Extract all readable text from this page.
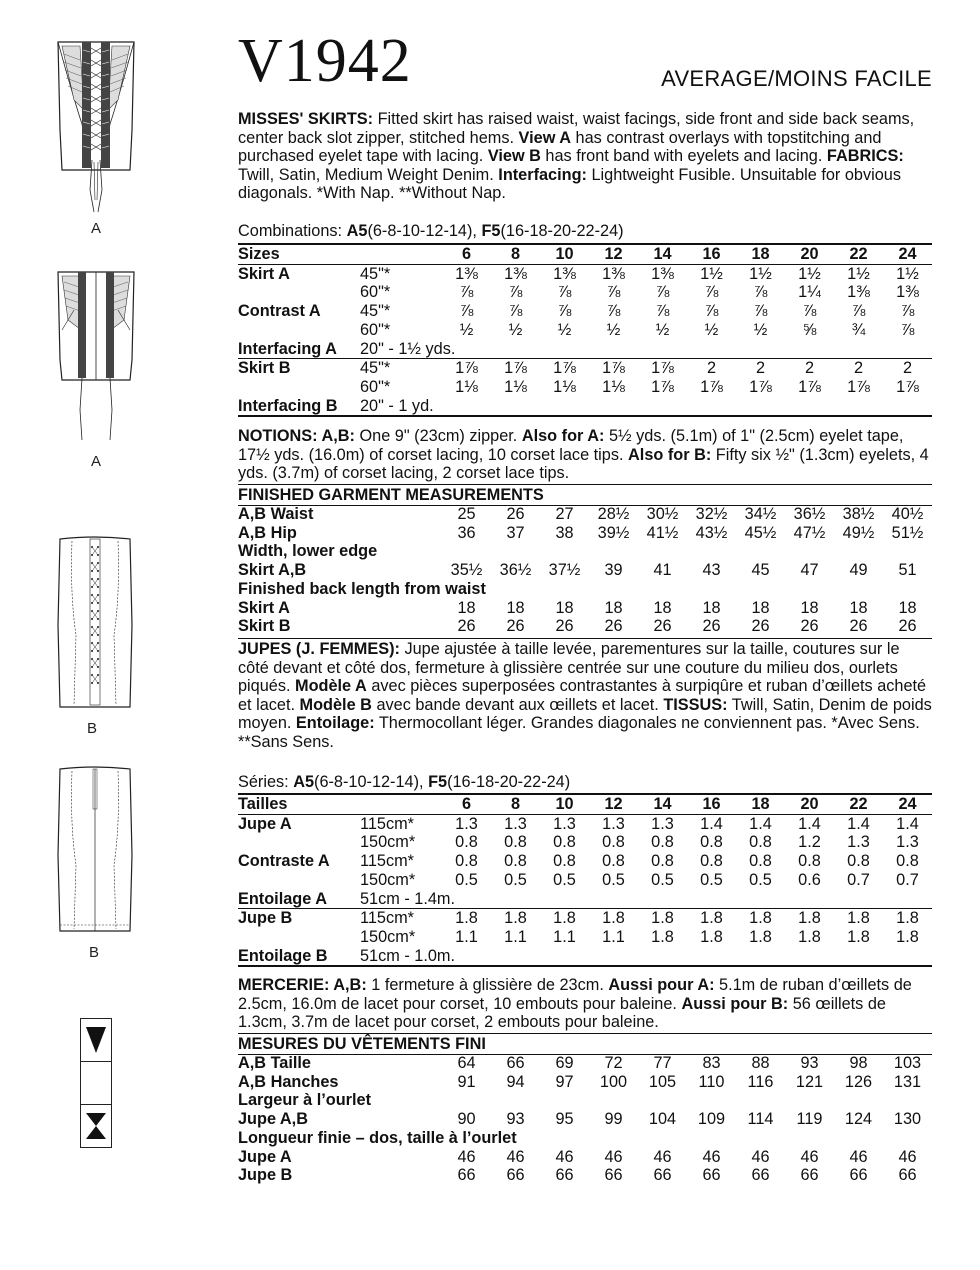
A
A
B
B
V1942	AVERAGE/MOINS FACILE
MISSES' SKIRTS: Fitted skirt has raised waist, waist facings, side front and side back seams, center back slot zipper, stitched hems. View A has contrast overlays with topstitching and purchased eyelet tape with lacing. View B has front band with eyelets and lacing. FABRICS: Twill, Satin, Medium Weight Denim. Interfacing: Lightweight Fusible. Unsuitable for obvious diagonals. *With Nap. **Without Nap.
Combinations: A5(6-8-10-12-14), F5(16-18-20-22-24)
Sizes		6	8	10	12	14	16	18	20	22	24
Skirt A	45"*	1⅜	1⅜	1⅜	1⅜	1⅜	1½	1½	1½	1½	1½
	60"*	⅞	⅞	⅞	⅞	⅞	⅞	⅞	1¼	1⅜	1⅜
Contrast A	45"*	⅞	⅞	⅞	⅞	⅞	⅞	⅞	⅞	⅞	⅞
	60"*	½	½	½	½	½	½	½	⅝	¾	⅞
Interfacing A	20" - 1½ yds.										
Skirt B	45"*	1⅞	1⅞	1⅞	1⅞	1⅞	2	2	2	2	2
	60"*	1⅛	1⅛	1⅛	1⅛	1⅞	1⅞	1⅞	1⅞	1⅞	1⅞
Interfacing B	20" - 1 yd.										
NOTIONS: A,B: One 9" (23cm) zipper. Also for A: 5½ yds. (5.1m) of 1" (2.5cm) eyelet tape, 17½ yds. (16.0m) of corset lacing, 10 corset lace tips. Also for B: Fifty six ½" (1.3cm) eyelets, 4 yds. (3.7m) of corset lacing, 2 corset lace tips.
FINISHED GARMENT MEASUREMENTS
A,B Waist	25	26	27	28½	30½	32½	34½	36½	38½	40½
A,B Hip	36	37	38	39½	41½	43½	45½	47½	49½	51½
Width, lower edge										
Skirt A,B	35½	36½	37½	39	41	43	45	47	49	51
Finished back length from waist										
Skirt A	18	18	18	18	18	18	18	18	18	18
Skirt B	26	26	26	26	26	26	26	26	26	26
JUPES (J. FEMMES): Jupe ajustée à taille levée, parementures sur la taille, coutures sur le côté devant et côté dos, fermeture à glissière centrée sur une couture du milieu dos, ourlets piqués. Modèle A avec pièces superposées contrastantes à surpiqûre et ruban d’œillets acheté et lacet. Modèle B avec bande devant aux œillets et lacet. TISSUS: Twill, Satin, Denim de poids moyen. Entoilage: Thermocollant léger. Grandes diagonales ne conviennent pas. *Avec Sens. **Sans Sens.
Séries: A5(6-8-10-12-14), F5(16-18-20-22-24)
Tailles		6	8	10	12	14	16	18	20	22	24
Jupe A	115cm*	1.3	1.3	1.3	1.3	1.3	1.4	1.4	1.4	1.4	1.4
	150cm*	0.8	0.8	0.8	0.8	0.8	0.8	0.8	1.2	1.3	1.3
Contraste A	115cm*	0.8	0.8	0.8	0.8	0.8	0.8	0.8	0.8	0.8	0.8
	150cm*	0.5	0.5	0.5	0.5	0.5	0.5	0.5	0.6	0.7	0.7
Entoilage A	51cm - 1.4m.										
Jupe B	115cm*	1.8	1.8	1.8	1.8	1.8	1.8	1.8	1.8	1.8	1.8
	150cm*	1.1	1.1	1.1	1.1	1.8	1.8	1.8	1.8	1.8	1.8
Entoilage B	51cm - 1.0m.										
MERCERIE: A,B: 1 fermeture à glissière de 23cm. Aussi pour A: 5.1m de ruban d’œillets de 2.5cm, 16.0m de lacet pour corset, 10 embouts pour baleine. Aussi pour B: 56 œillets de 1.3cm, 3.7m de lacet pour corset, 2 embouts pour baleine.
MESURES DU VÊTEMENTS FINI
A,B Taille	64	66	69	72	77	83	88	93	98	103
A,B Hanches	91	94	97	100	105	110	116	121	126	131
Largeur à l’ourlet										
Jupe A,B	90	93	95	99	104	109	114	119	124	130
Longueur finie – dos, taille à l’ourlet										
Jupe A	46	46	46	46	46	46	46	46	46	46
Jupe B	66	66	66	66	66	66	66	66	66	66
